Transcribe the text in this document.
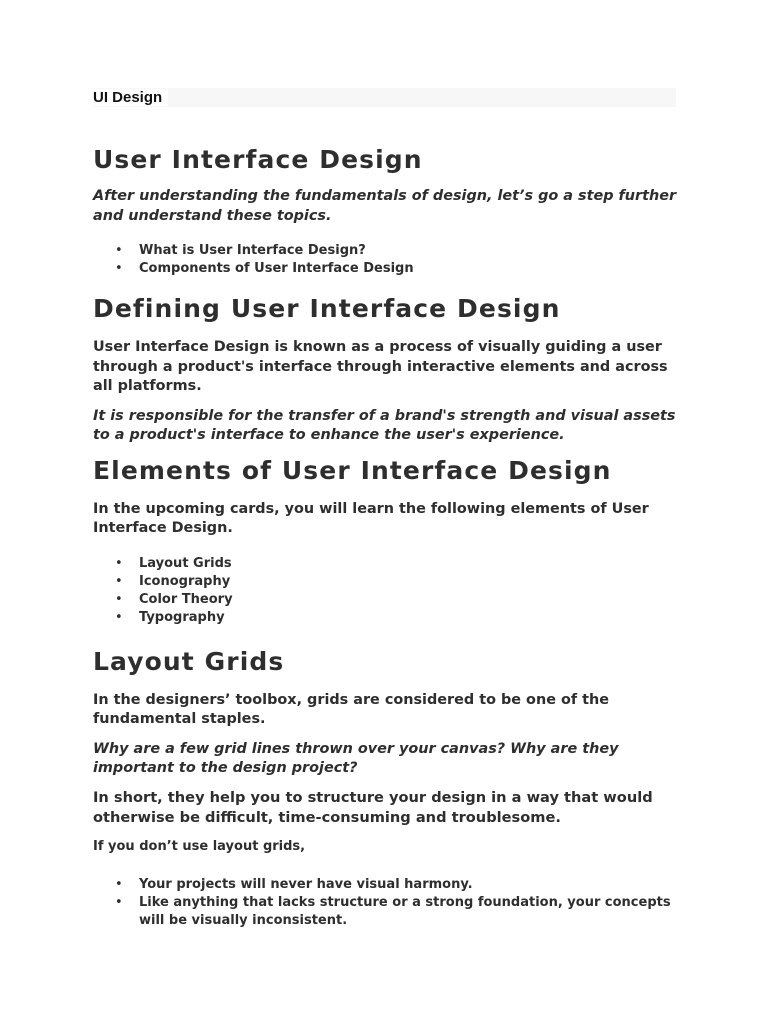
UI Design
User Interface Design

After understanding the fundamentals of design, let’s go a step further and understand these topics.

• What is User Interface Design?
• Components of User Interface Design
Defining User Interface Design

User Interface Design is known as a process of visually guiding a user through a product's interface through interactive elements and across all platforms.

It is responsible for the transfer of a brand's strength and visual assets to a product's interface to enhance the user's experience.

Elements of User Interface Design

In the upcoming cards, you will learn the following elements of User Interface Design.

• Layout Grids
• Iconography
• Color Theory
• Typography
Layout Grids

In the designers’ toolbox, grids are considered to be one of the fundamental staples.

Why are a few grid lines thrown over your canvas? Why are they important to the design project?

In short, they help you to structure your design in a way that would otherwise be difficult, time-consuming and troublesome.

If you don’t use layout grids,

• Your projects will never have visual harmony.
• Like anything that lacks structure or a strong foundation, your concepts will be visually inconsistent.
